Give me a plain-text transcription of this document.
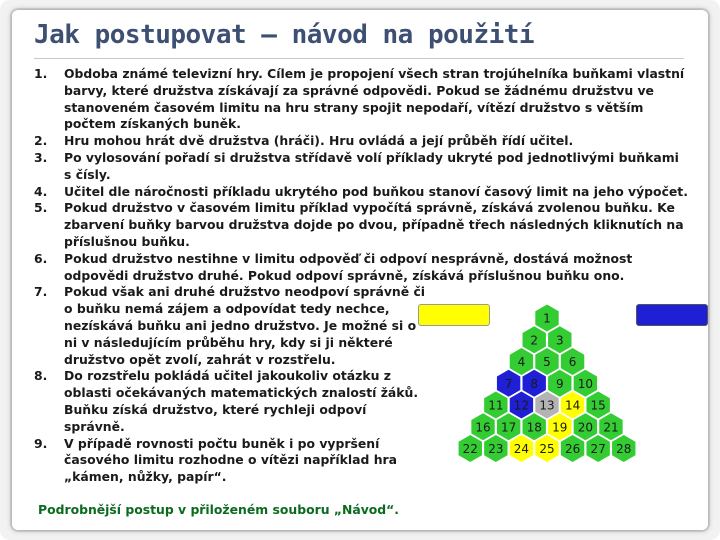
Jak postupovat – návod na použití
1. Obdoba známé televizní hry. Cílem je propojení všech stran trojúhelníka buňkami vlastní barvy, které družstva získávají za správné odpovědi. Pokud se žádnému družstvu ve stanoveném časovém limitu na hru strany spojit nepodaří, vítězí družstvo s větším počtem získaných buněk.
2. Hru mohou hrát dvě družstva (hráči). Hru ovládá a její průběh řídí učitel.
3. Po vylosování pořadí si družstva střídavě volí příklady ukryté pod jednotlivými buňkami s čísly.
4. Učitel dle náročnosti příkladu ukrytého pod buňkou stanoví časový limit na jeho výpočet.
5. Pokud družstvo v časovém limitu příklad vypočítá správně, získává zvolenou buňku. Ke zbarvení buňky barvou družstva dojde po dvou, případně třech následných kliknutích na příslušnou buňku.
6. Pokud družstvo nestihne v limitu odpověď či odpoví nesprávně, dostává možnost odpovědi družstvo druhé. Pokud odpoví správně, získává příslušnou buňku ono.
7. Pokud však ani druhé družstvo neodpoví správně či o buňku nemá zájem a odpovídat tedy nechce, nezískává buňku ani jedno družstvo. Je možné si o ni v následujícím průběhu hry, kdy si ji některé družstvo opět zvolí, zahrát v rozstřelu.
8. Do rozstřelu pokládá učitel jakoukoliv otázku z oblasti očekávaných matematických znalostí žáků. Buňku získá družstvo, které rychleji odpoví správně.
9. V případě rovnosti počtu buněk i po vypršení časového limitu rozhodne o vítězi například hra „kámen, nůžky, papír“.
Podrobnější postup v přiloženém souboru „Návod“.
1
2 3
4 5 6
7 8 9 10
11 12 13 14 15
16 17 18 19 20 21
22 23 24 25 26 27 28
